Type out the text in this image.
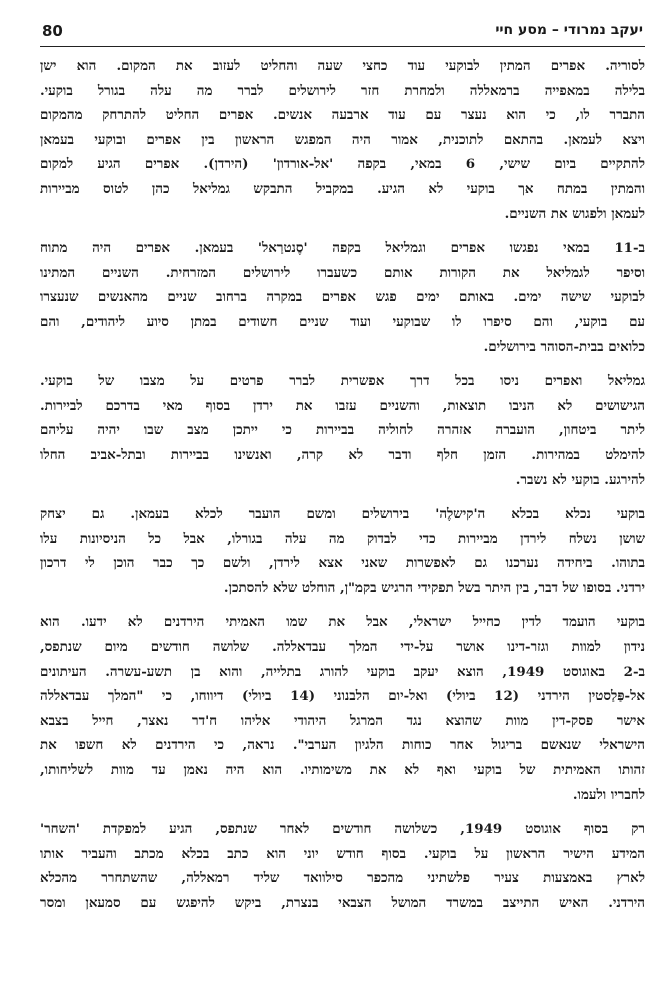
80	יעקב נמרודי – מסע חיי
לסוריה. אפרים המתין לבוקעי עוד כחצי שעה והחליט לעזוב את המקום. הוא ישן
בלילה במאפייה ברמאללה ולמחרת חזר לירושלים לברר מה עלה בגורל בוקעי.
התברר לו, כי הוא נעצר עם עוד ארבעה אנשים. אפרים החליט להתרחק מהמקום
ויצא לעמאן. בהתאם לתוכנית, אמור היה המפגש הראשון בין אפרים ובוקעי בעמאן
להתקיים ביום שישי, 6 במאי, בקפה 'אל-אורדון' (הירדן). אפרים הגיע למקום
והמתין במתח אך בוקעי לא הגיע. במקביל התבקש גמליאל כהן לטוס מביירות
לעמאן ולפגוש את השניים.
ב-11 במאי נפגשו אפרים וגמליאל בקפה 'סֶנטרַאל' בעמאן. אפרים היה מתוח
וסיפר לגמליאל את הקורות אותם כשעברו לירושלים המזרחית. השניים המתינו
לבוקעי שישה ימים. באותם ימים פגש אפרים במקרה ברחוב שניים מהאנשים שנעצרו
עם בוקעי, והם סיפרו לו שבוקעי ועוד שניים חשודים במתן סיוע ליהודים, והם
כלואים בבית-הסוהר בירושלים.
גמליאל ואפרים ניסו בכל דרך אפשרית לברר פרטים על מצבו של בוקעי.
הגישושים לא הניבו תוצאות, והשניים עזבו את ירדן בסוף מאי בדרכם לביירות.
ליתר ביטחון, הועברה אזהרה לחוליה בביירות כי ייתכן מצב שבו יהיה עליהם
להימלט במהירות. הזמן חלף ודבר לא קרה, ואנשינו בביירות ובתל-אביב החלו
להירגע. בוקעי לא נשבר.
בוקעי נכלא בכלא ה'קישלֶה' בירושלים ומשם הועבר לכלא בעמאן. גם יצחק
שושן נשלח לירדן מביירות כדי לבדוק מה עלה בגורלו, אבל כל הניסיונות עלו
בתוהו. ביחידה נערכנו גם לאפשרות שאני אצא לירדן, ולשם כך כבר הוכן לי דרכון
ירדני. בסופו של דבר, בין היתר בשל תפקידי הרגיש בקמ"ן, הוחלט שלא להסתכן.
בוקעי הועמד לדין כחייל ישראלי, אבל את שמו האמיתי הירדנים לא ידעו. הוא
נידון למוות וגזר-דינו אושר על-ידי המלך עבדאללה. שלושה חודשים מיום שנתפס,
ב-2 באוגוסט 1949, הוצא יעקב בוקעי להורג בתלייה, והוא בן תשע-עשרה. העיתונים
אל-פַּלַסטין הירדני (12 ביולי) ואל-יום הלבנוני (14 ביולי) דיווחו, כי "המלך עבדאללה
אישר פסק-דין מוות שהוצא נגד המרגל היהודי אליהו ח'דר נאצר, חייל בצבא
הישראלי שנאשם בריגול אחר כוחות הלגיון הערבי". נראה, כי הירדנים לא חשפו את
זהותו האמיתית של בוקעי ואף לא את משימותיו. הוא היה נאמן עד מוות לשליחותו,
לחבריו ולעמו.
רק בסוף אוגוסט 1949, כשלושה חודשים לאחר שנתפס, הגיע למפקדת 'השחר'
המידע הישיר הראשון על בוקעי. בסוף חודש יוני הוא כתב בכלא מכתב והעביר אותו
לארץ באמצעות צעיר פלשתיני מהכפר סילוואד שליד רמאללה, שהשתחרר מהכלא
הירדני. האיש התייצב במשרד המושל הצבאי בנצרת, ביקש להיפגש עם סמעאן ומסר
